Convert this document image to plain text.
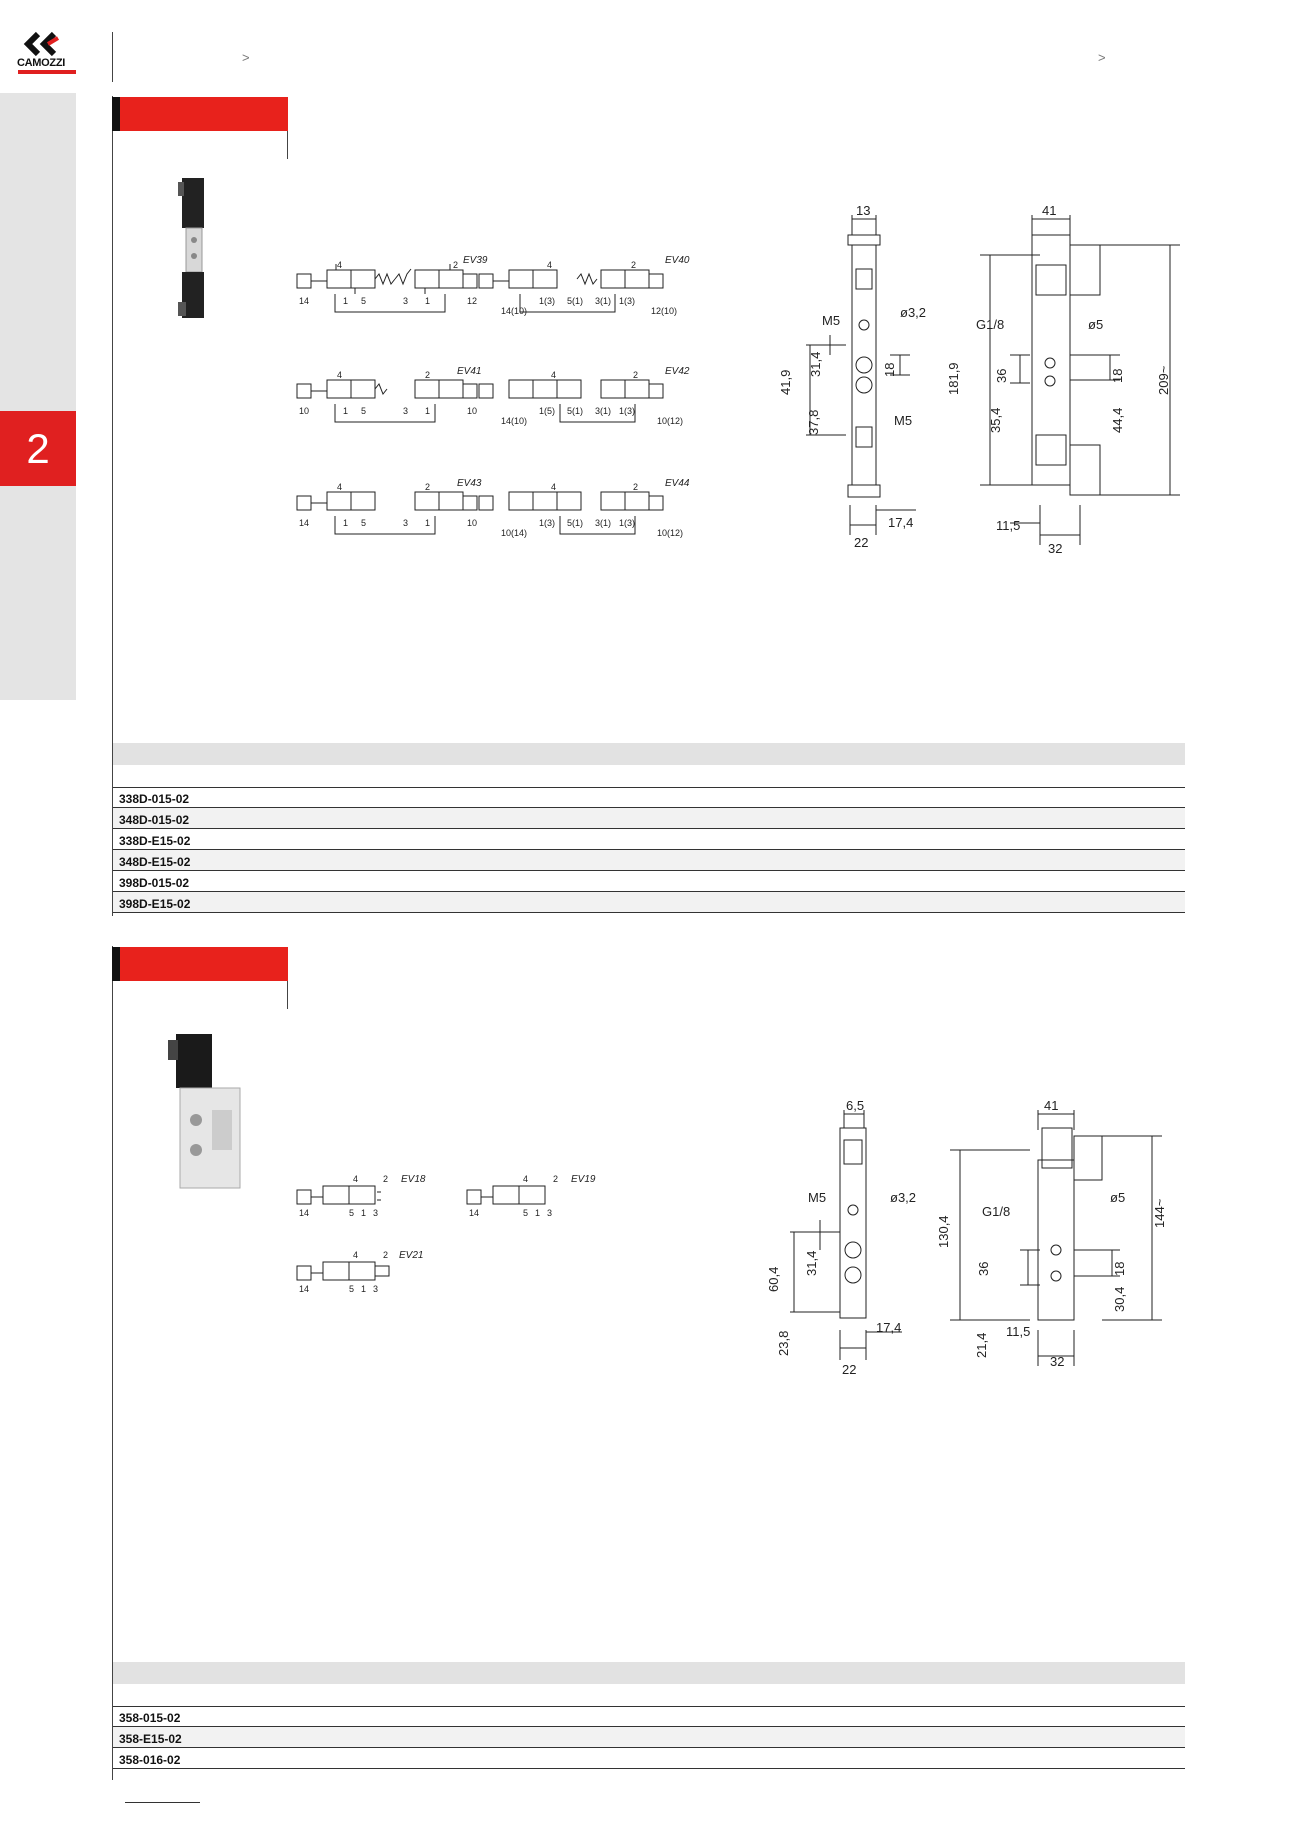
CAMOZZI	>	>
2
EV39
14	1 5	3 1	12
4	2	EV40
14(10)
1(3) 5(1) 3(1) 1(3)
12(10)
4	2
EV41
10	1 5	3 1	10
4	2	EV42
14(10)
1(5) 5(1) 3(1) 1(3)
10(12)
4	2
EV43
14	1 5	3 1	10
4	2	EV44
10(14)
1(3) 5(1) 3(1) 1(3)
10(12)
4	2
13
M5
ø3,2
41,9
31,4	18
37,8	M5
17,4
22
41
G1/8	ø5
181,9	36
35,4
18
44,4
209~
11,5
32
338D-015-02
348D-015-02
338D-E15-02
348D-E15-02
398D-015-02
398D-E15-02
EV18
14	5 1 3
4	2	EV19
14	5 1 3
4	2
EV21
14	5 1 3
4	2
6,5
M5	ø3,2
60,4
31,4
23,8
17,4
22
41
G1/8
ø5
130,4
144~
36	18
30,4
21,4
11,5
32
358-015-02
358-E15-02
358-016-02
